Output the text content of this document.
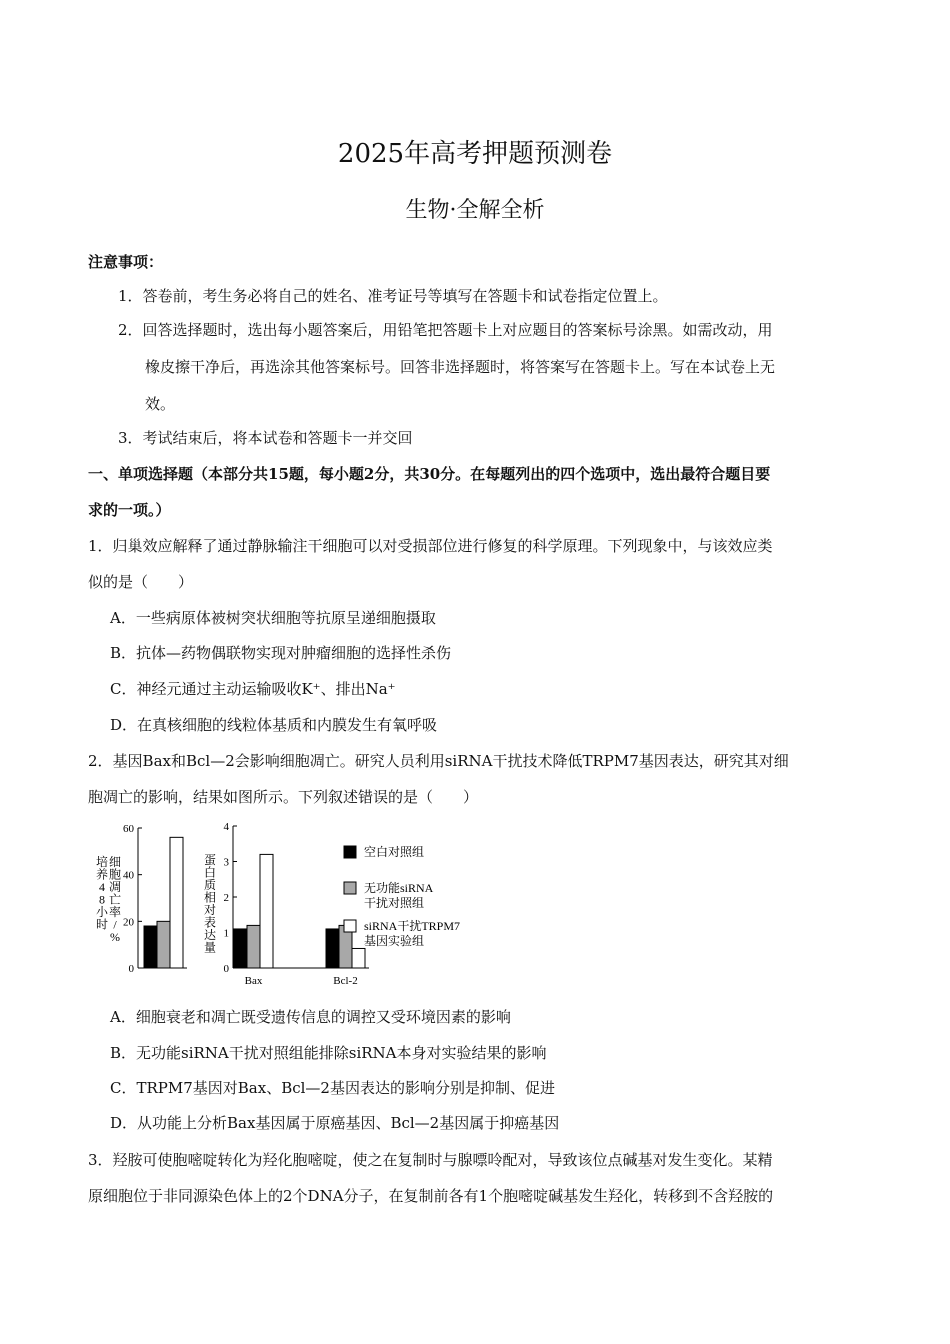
2025年高考押题预测卷
生物·全解全析
注意事项：
1．答卷前，考生务必将自己的姓名、准考证号等填写在答题卡和试卷指定位置上。
2．回答选择题时，选出每小题答案后，用铅笔把答题卡上对应题目的答案标号涂黑。如需改动，用
橡皮擦干净后，再选涂其他答案标号。回答非选择题时，将答案写在答题卡上。写在本试卷上无
效。
3．考试结束后，将本试卷和答题卡一并交回
一、单项选择题（本部分共15题，每小题2分，共30分。在每题列出的四个选项中，选出最符合题目要
求的一项。）
1．归巢效应解释了通过静脉输注干细胞可以对受损部位进行修复的科学原理。下列现象中，与该效应类
似的是（　　）
A．一些病原体被树突状细胞等抗原呈递细胞摄取
B．抗体—药物偶联物实现对肿瘤细胞的选择性杀伤
C．神经元通过主动运输吸收K⁺、排出Na⁺
D．在真核细胞的线粒体基质和内膜发生有氧呼吸
2．基因Bax和Bcl—2会影响细胞凋亡。研究人员利用siRNA干扰技术降低TRPM7基因表达，研究其对细
胞凋亡的影响，结果如图所示。下列叙述错误的是（　　）
0
20
40
60
培
养
4
8
小
时
细
胞
凋
亡
率
/
%
0
1
2
3
4
蛋
白
质
相
对
表
达
量
Bax	Bcl-2
空白对照组
无功能siRNA
干扰对照组
siRNA干扰TRPM7
基因实验组
A．细胞衰老和凋亡既受遗传信息的调控又受环境因素的影响
B．无功能siRNA干扰对照组能排除siRNA本身对实验结果的影响
C．TRPM7基因对Bax、Bcl—2基因表达的影响分别是抑制、促进
D．从功能上分析Bax基因属于原癌基因、Bcl—2基因属于抑癌基因
3．羟胺可使胞嘧啶转化为羟化胞嘧啶，使之在复制时与腺嘌呤配对，导致该位点碱基对发生变化。某精
原细胞位于非同源染色体上的2个DNA分子，在复制前各有1个胞嘧啶碱基发生羟化，转移到不含羟胺的
